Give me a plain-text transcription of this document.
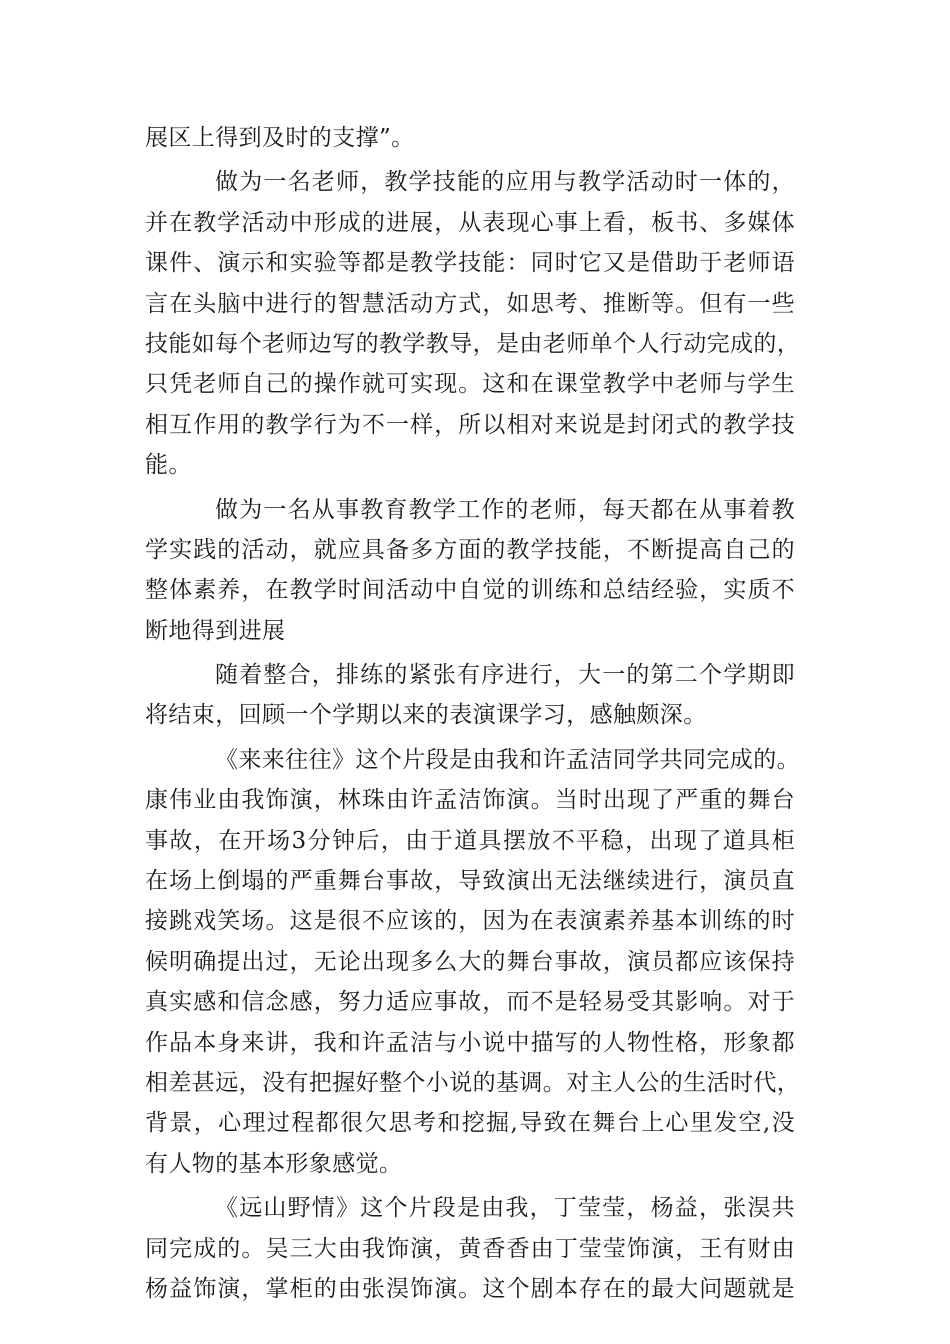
展区上得到及时的支撑”。
做为一名老师，教学技能的应用与教学活动时一体的，
并在教学活动中形成的进展，从表现心事上看，板书、多媒体
课件、演示和实验等都是教学技能：同时它又是借助于老师语
言在头脑中进行的智慧活动方式，如思考、推断等。但有一些
技能如每个老师边写的教学教导，是由老师单个人行动完成的，
只凭老师自己的操作就可实现。这和在课堂教学中老师与学生
相互作用的教学行为不一样，所以相对来说是封闭式的教学技
能。
做为一名从事教育教学工作的老师，每天都在从事着教
学实践的活动，就应具备多方面的教学技能，不断提高自己的
整体素养，在教学时间活动中自觉的训练和总结经验，实质不
断地得到进展
随着整合，排练的紧张有序进行，大一的第二个学期即
将结束，回顾一个学期以来的表演课学习，感触颇深。
《来来往往》这个片段是由我和许孟洁同学共同完成的。
康伟业由我饰演，林珠由许孟洁饰演。当时出现了严重的舞台
事故，在开场3分钟后，由于道具摆放不平稳，出现了道具柜
在场上倒塌的严重舞台事故，导致演出无法继续进行，演员直
接跳戏笑场。这是很不应该的，因为在表演素养基本训练的时
候明确提出过，无论出现多么大的舞台事故，演员都应该保持
真实感和信念感，努力适应事故，而不是轻易受其影响。对于
作品本身来讲，我和许孟洁与小说中描写的人物性格，形象都
相差甚远，没有把握好整个小说的基调。对主人公的生活时代，
背景，心理过程都很欠思考和挖掘,导致在舞台上心里发空,没
有人物的基本形象感觉。
《远山野情》这个片段是由我，丁莹莹，杨益，张淏共
同完成的。吴三大由我饰演，黄香香由丁莹莹饰演，王有财由
杨益饰演，掌柜的由张淏饰演。这个剧本存在的最大问题就是
